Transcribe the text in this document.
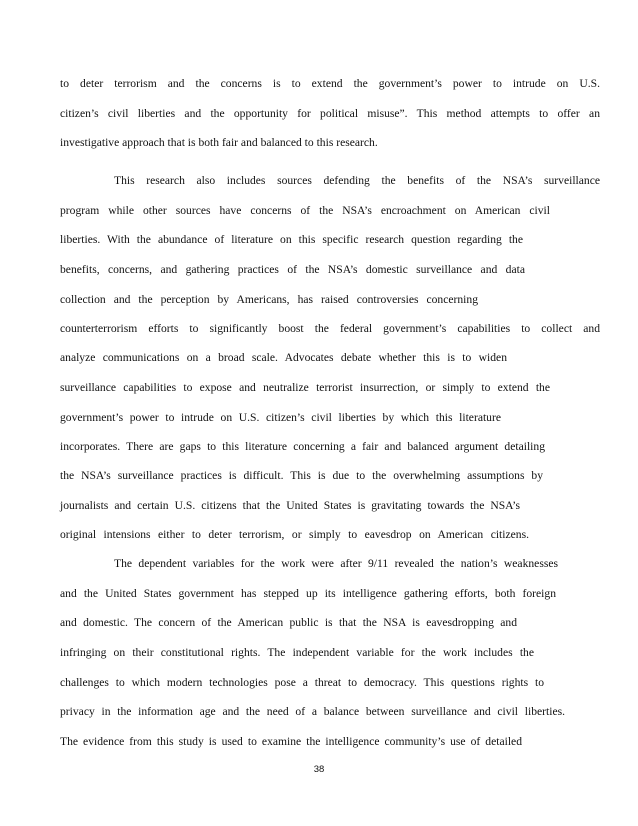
to deter terrorism and the concerns is to extend the government’s power to intrude on U.S.
citizen’s civil liberties and the opportunity for political misuse”. This method attempts to offer an
investigative approach that is both fair and balanced to this research.
This research also includes sources defending the benefits of the NSA’s surveillance
program while other sources have concerns of the NSA’s encroachment on American civil
liberties. With the abundance of literature on this specific research question regarding the
benefits, concerns, and gathering practices of the NSA’s domestic surveillance and data
collection and the perception by Americans, has raised controversies concerning
counterterrorism efforts to significantly boost the federal government’s capabilities to collect and
analyze communications on a broad scale. Advocates debate whether this is to widen
surveillance capabilities to expose and neutralize terrorist insurrection, or simply to extend the
government’s power to intrude on U.S. citizen’s civil liberties by which this literature
incorporates. There are gaps to this literature concerning a fair and balanced argument detailing
the NSA’s surveillance practices is difficult. This is due to the overwhelming assumptions by
journalists and certain U.S. citizens that the United States is gravitating towards the NSA’s
original intensions either to deter terrorism, or simply to eavesdrop on American citizens.
The dependent variables for the work were after 9/11 revealed the nation’s weaknesses
and the United States government has stepped up its intelligence gathering efforts, both foreign
and domestic. The concern of the American public is that the NSA is eavesdropping and
infringing on their constitutional rights. The independent variable for the work includes the
challenges to which modern technologies pose a threat to democracy. This questions rights to
privacy in the information age and the need of a balance between surveillance and civil liberties.
The evidence from this study is used to examine the intelligence community’s use of detailed
38
